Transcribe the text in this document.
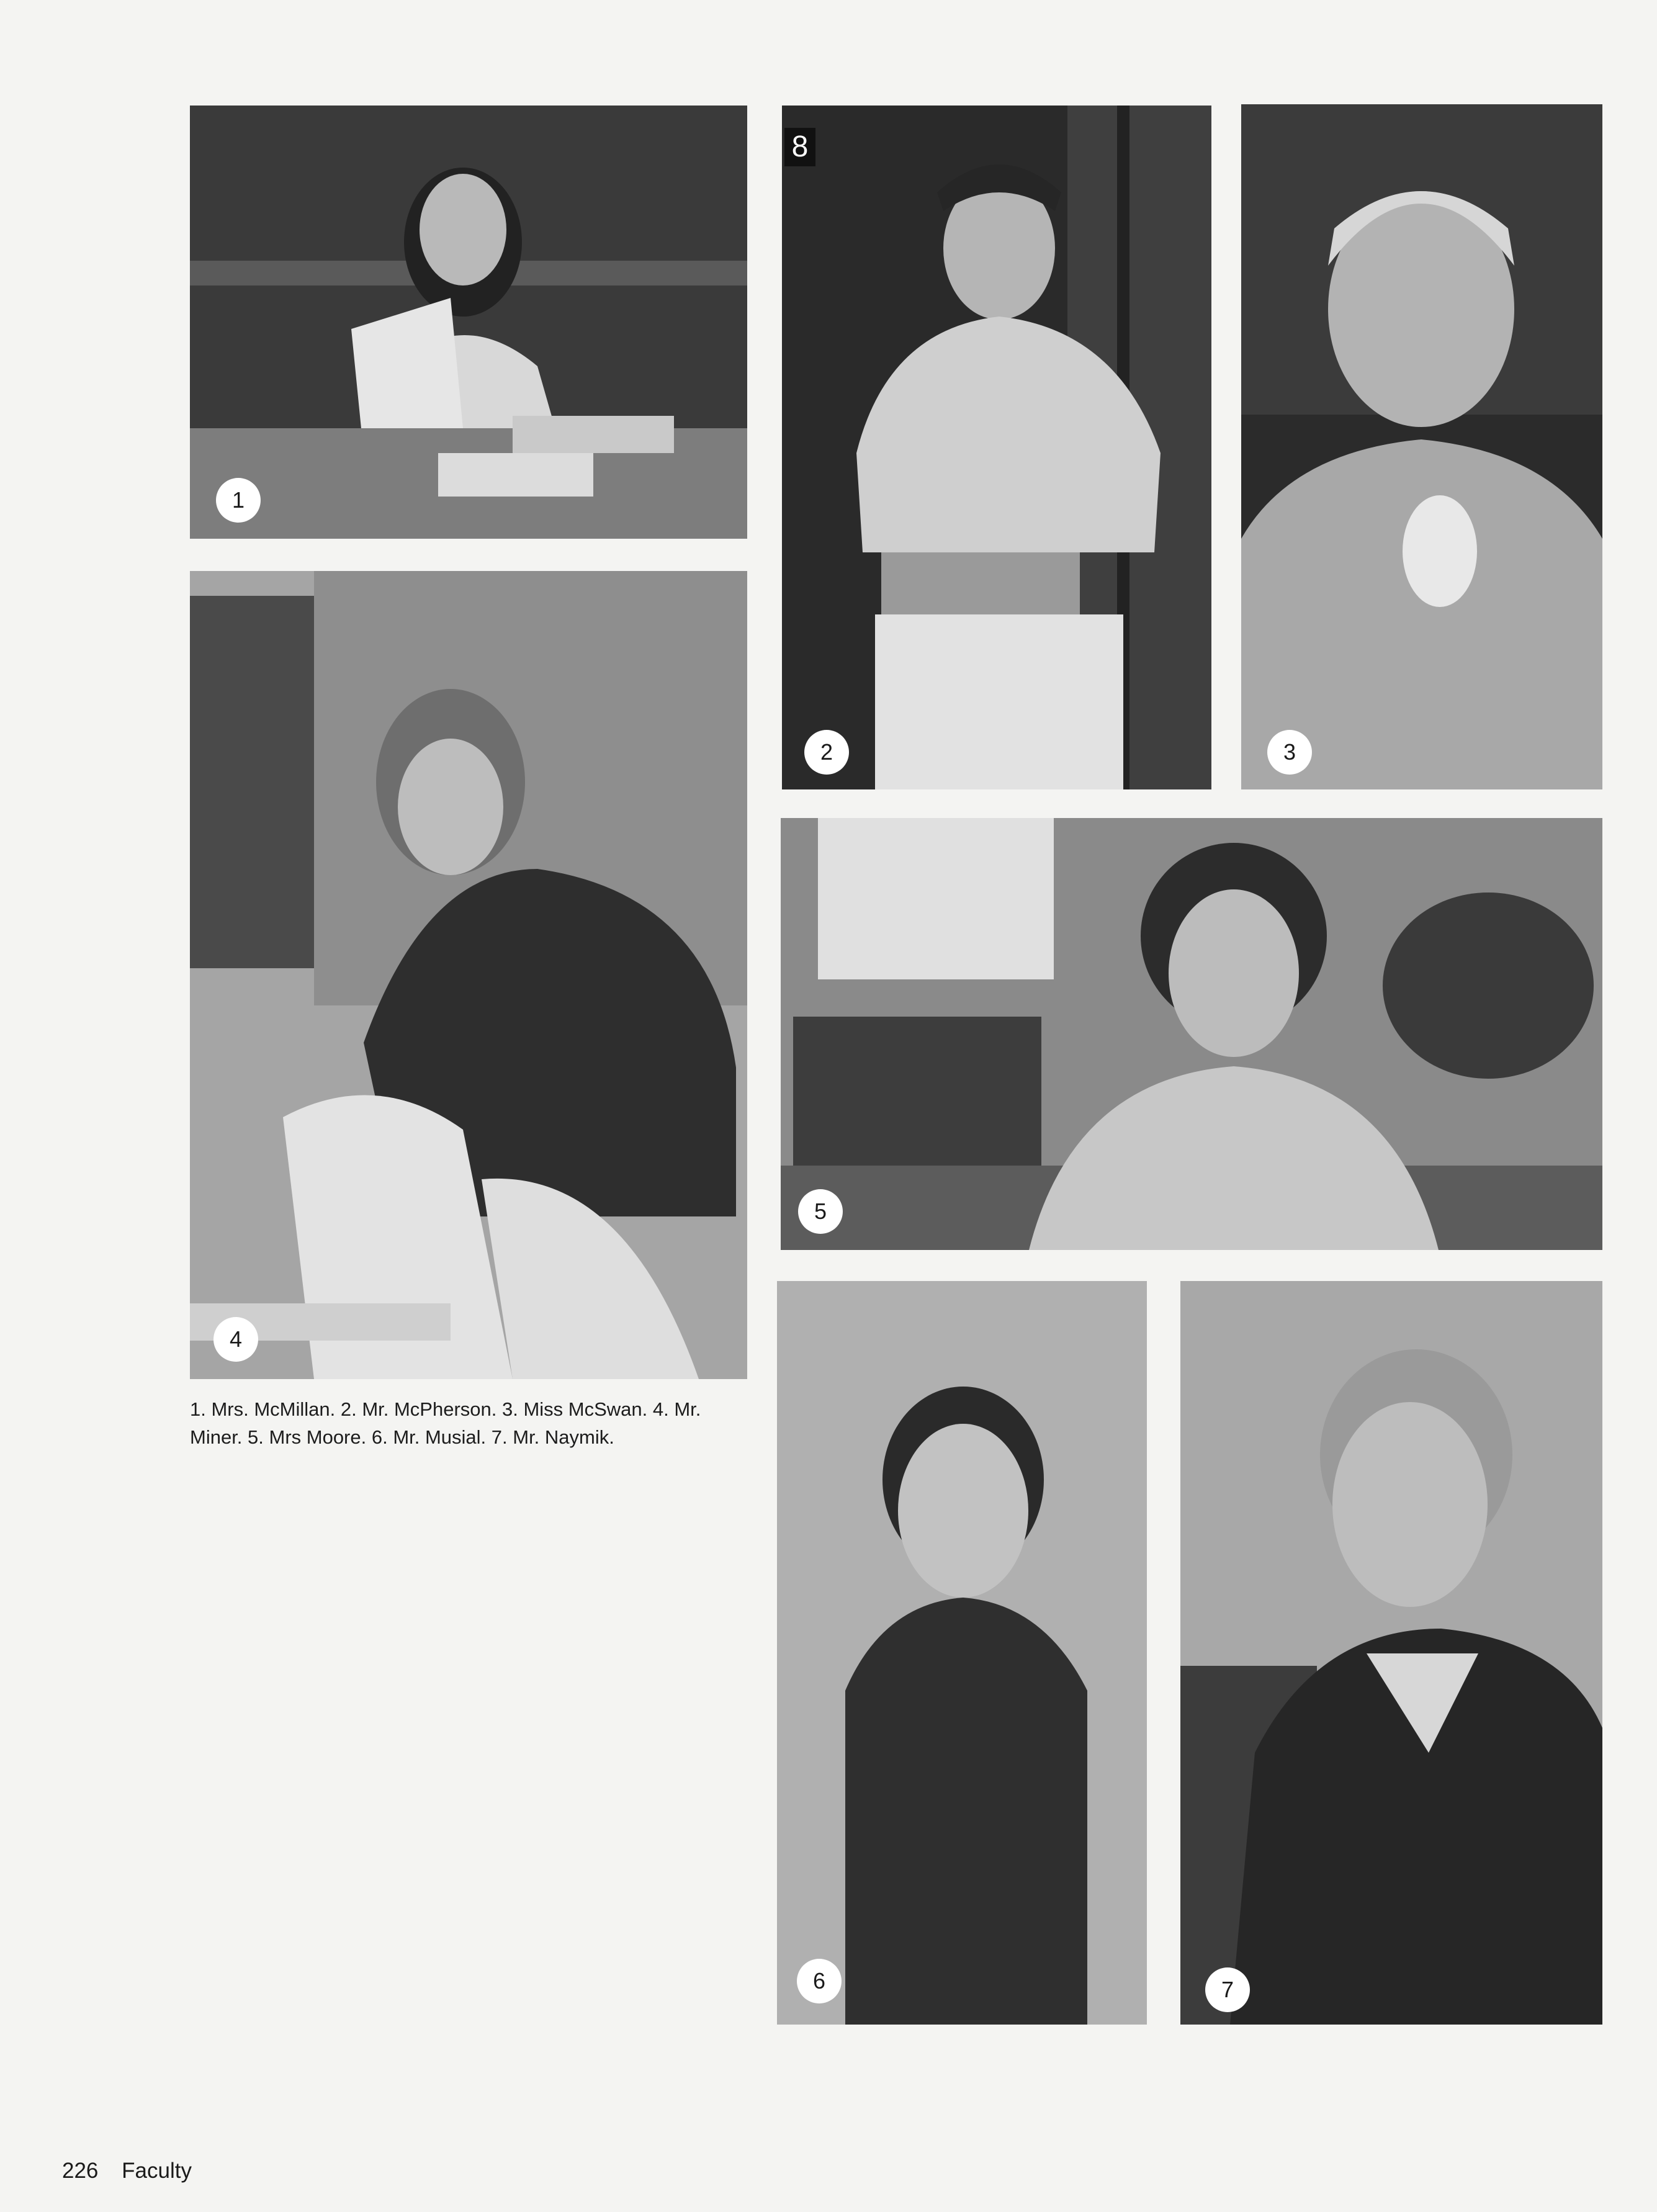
1
2
8
3
4
5
6	7
1. Mrs. McMillan. 2. Mr. McPherson. 3. Miss McSwan. 4. Mr. Miner. 5. Mrs Moore. 6. Mr. Musial. 7. Mr. Naymik.
226 Faculty
